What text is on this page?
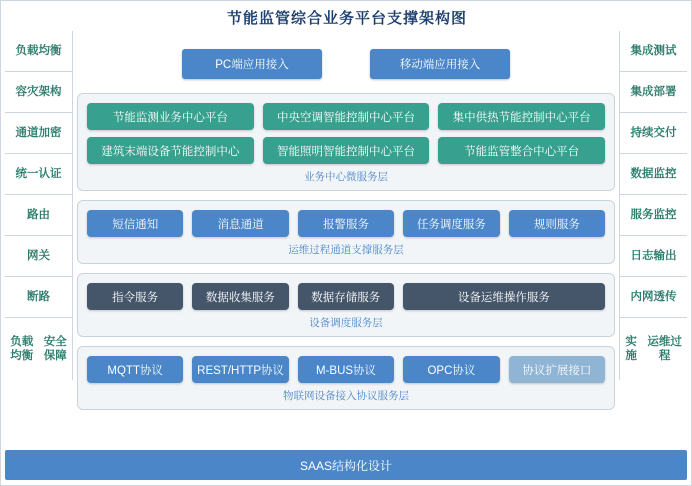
节能监管综合业务平台支撑架构图
负载均衡
容灾架构
通道加密
统一认证
路由
网关
断路
负载均衡
安全保障
集成测试
集成部署
持续交付
数据监控
服务监控
日志输出
内网透传
实施
运维过程
PC端应用接入	移动端应用接入
节能监测业务中心平台	中央空调智能控制中心平台	集中供热节能控制中心平台
建筑末端设备节能控制中心	智能照明智能控制中心平台	节能监管整合中心平台
业务中心微服务层
短信通知	消息通道	报警服务	任务调度服务	规则服务
运维过程通道支撑服务层
指令服务	数据收集服务	数据存储服务	设备运维操作服务
设备调度服务层
MQTT协议	REST/HTTP协议	M-BUS协议	OPC协议	协议扩展接口
物联网设备接入协议服务层
SAAS结构化设计
